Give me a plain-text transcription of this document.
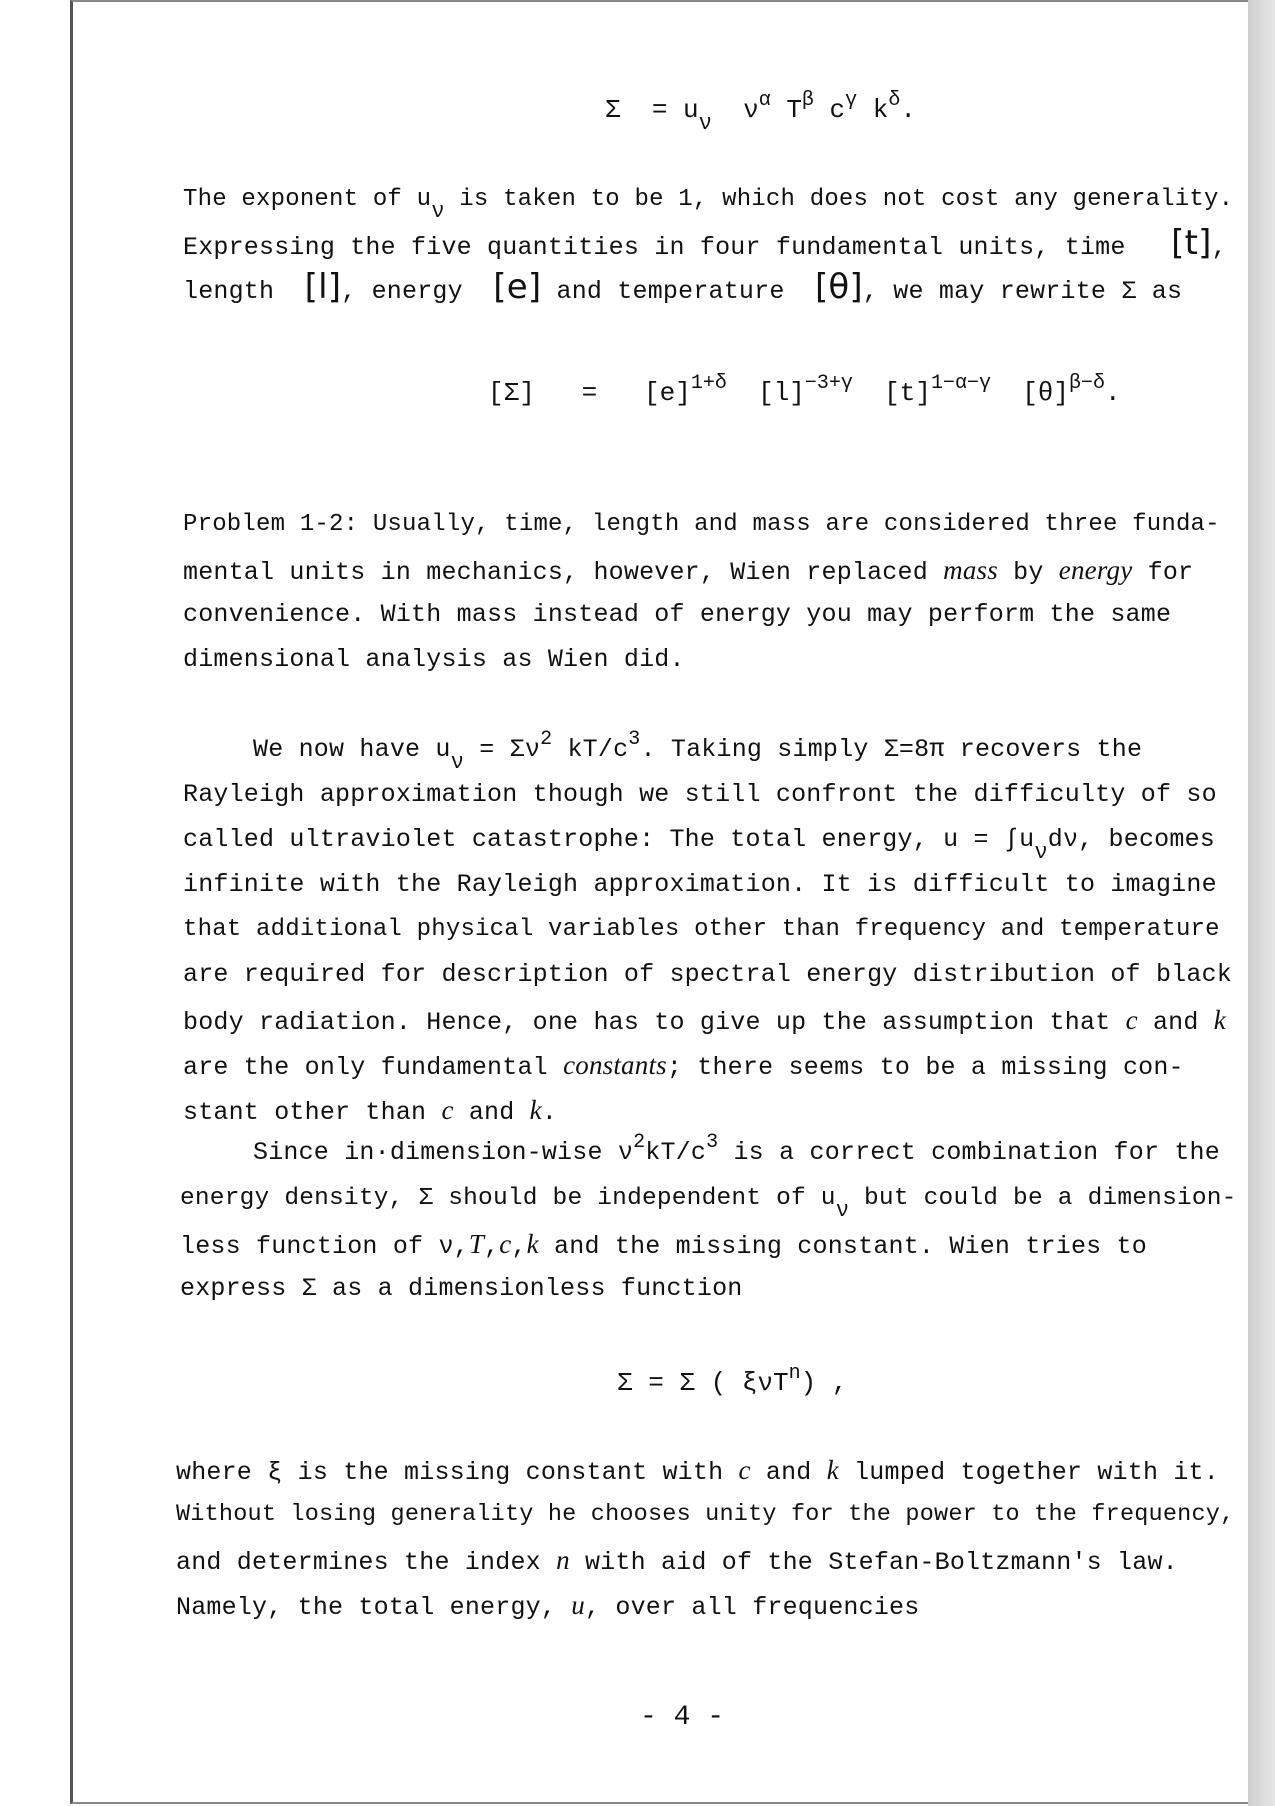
$\Sigma = u_\nu$ $\nu^\alpha$ $T^\beta$ $c^\gamma$ $k^\delta$.
The exponent of uν is taken to be 1, which does not cost any generality.
Expressing the five quantities in four fundamental units, time [t],
length [l], energy [e] and temperature [θ], we may rewrite Σ as
$[\Sigma] = [e]^{1+\delta}$ $[l]^{-3+\gamma}$ $[t]^{1-\alpha-\gamma}$ $[\theta]^{\beta-\delta}$.
Problem 1-2: Usually, time, length and mass are considered three funda-
mental units in mechanics, however, Wien replaced mass by energy for
convenience. With mass instead of energy you may perform the same
dimensional analysis as Wien did.
We now have $u\nu = \Sigma\nu^2$ $kT/c^3$. Taking simply Σ=8π recovers the
Rayleigh approximation though we still confront the difficulty of so
called ultraviolet catastrophe: The total energy, u = ∫uνdν, becomes
infinite with the Rayleigh approximation. It is difficult to imagine
that additional physical variables other than frequency and temperature
are required for description of spectral energy distribution of black
body radiation. Hence, one has to give up the assumption that c and k
are the only fundamental constants; there seems to be a missing con-
stant other than c and k.
Since in·dimension-wise $\nu^2kT/c^3$ is a correct combination for the
energy density, Σ should be independent of uν but could be a dimension-
less function of ν,T,c,k and the missing constant. Wien tries to
express Σ as a dimensionless function
Σ = Σ ( ξνT$^n$) ,
where ξ is the missing constant with c and k lumped together with it.
Without losing generality he chooses unity for the power to the frequency,
and determines the index n with aid of the Stefan-Boltzmann's law.
Namely, the total energy, u, over all frequencies
- 4 -
